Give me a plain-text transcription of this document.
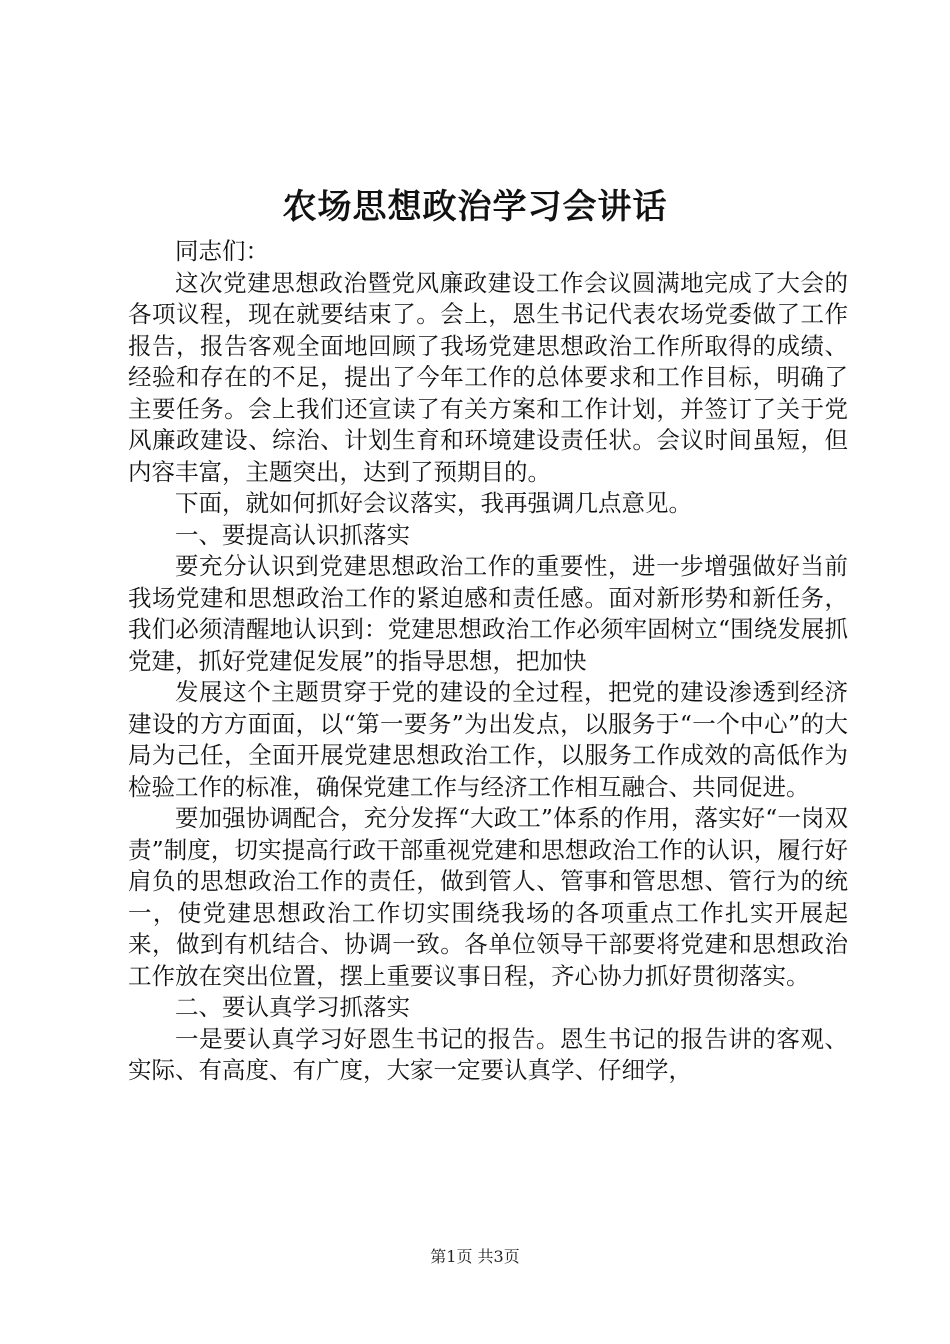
农场思想政治学习会讲话

同志们：

这次党建思想政治暨党风廉政建设工作会议圆满地完成了大会的各项议程，现在就要结束了。会上，恩生书记代表农场党委做了工作报告，报告客观全面地回顾了我场党建思想政治工作所取得的成绩、经验和存在的不足，提出了今年工作的总体要求和工作目标，明确了主要任务。会上我们还宣读了有关方案和工作计划，并签订了关于党风廉政建设、综治、计划生育和环境建设责任状。会议时间虽短，但内容丰富，主题突出，达到了预期目的。

下面，就如何抓好会议落实，我再强调几点意见。

一、要提高认识抓落实

要充分认识到党建思想政治工作的重要性，进一步增强做好当前我场党建和思想政治工作的紧迫感和责任感。面对新形势和新任务，我们必须清醒地认识到：党建思想政治工作必须牢固树立“围绕发展抓党建，抓好党建促发展”的指导思想，把加快

发展这个主题贯穿于党的建设的全过程，把党的建设渗透到经济建设的方方面面，以“第一要务”为出发点，以服务于“一个中心”的大局为己任，全面开展党建思想政治工作，以服务工作成效的高低作为检验工作的标准，确保党建工作与经济工作相互融合、共同促进。

要加强协调配合，充分发挥“大政工”体系的作用，落实好“一岗双责”制度，切实提高行政干部重视党建和思想政治工作的认识，履行好肩负的思想政治工作的责任，做到管人、管事和管思想、管行为的统一，使党建思想政治工作切实围绕我场的各项重点工作扎实开展起来，做到有机结合、协调一致。各单位领导干部要将党建和思想政治工作放在突出位置，摆上重要议事日程，齐心协力抓好贯彻落实。

二、要认真学习抓落实

一是要认真学习好恩生书记的报告。恩生书记的报告讲的客观、实际、有高度、有广度，大家一定要认真学、仔细学，

第1页 共3页
